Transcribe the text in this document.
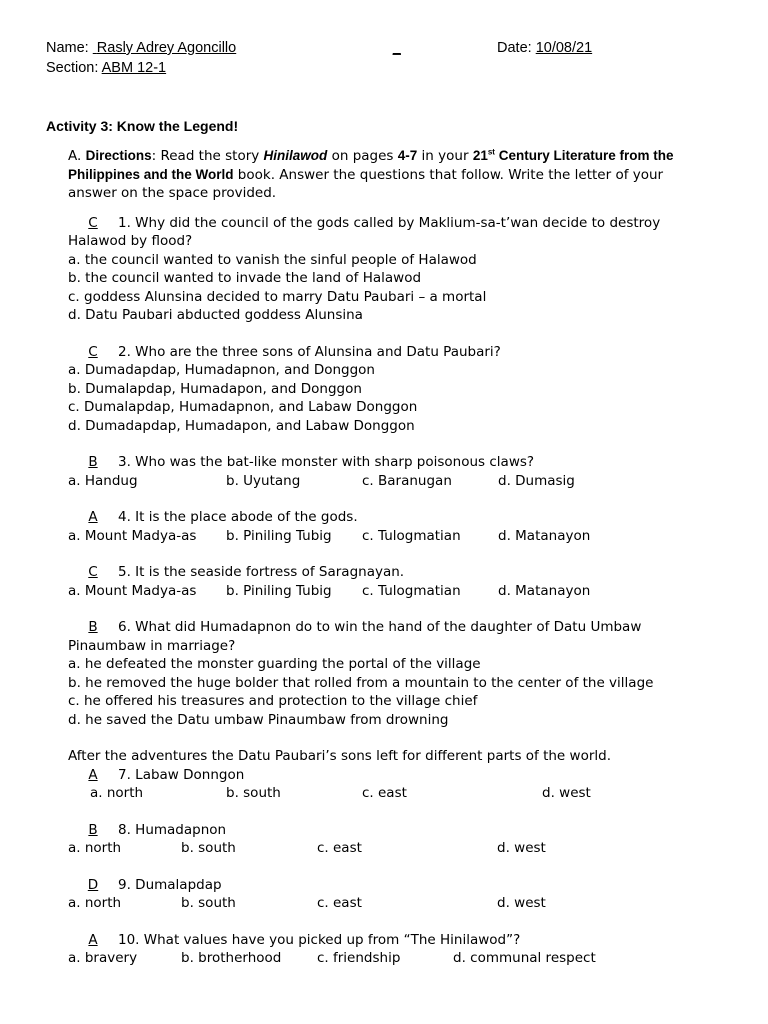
Name: Rasly Adrey Agoncillo	_
Section: ABM 12-1
Date: 10/08/21
Activity 3: Know the Legend!
A. Directions: Read the story Hinilawod on pages 4-7 in your 21st Century Literature from the Philippines and the World book. Answer the questions that follow. Write the letter of your answer on the space provided.
C 1. Why did the council of the gods called by Maklium-sa-t’wan decide to destroy Halawod by flood?
a. the council wanted to vanish the sinful people of Halawod
b. the council wanted to invade the land of Halawod
c. goddess Alunsina decided to marry Datu Paubari – a mortal
d. Datu Paubari abducted goddess Alunsina
C 2. Who are the three sons of Alunsina and Datu Paubari?
a. Dumadapdap, Humadapnon, and Donggon
b. Dumalapdap, Humadapon, and Donggon
c. Dumalapdap, Humadapnon, and Labaw Donggon
d. Dumadapdap, Humadapon, and Labaw Donggon
B 3. Who was the bat-like monster with sharp poisonous claws?
a. Handug	b. Uyutang	c. Baranugan	d. Dumasig
A 4. It is the place abode of the gods.
a. Mount Madya-as	b. Piniling Tubig	c. Tulogmatian	d. Matanayon
C 5. It is the seaside fortress of Saragnayan.
a. Mount Madya-as	b. Piniling Tubig	c. Tulogmatian	d. Matanayon
B 6. What did Humadapnon do to win the hand of the daughter of Datu Umbaw Pinaumbaw in marriage?
a. he defeated the monster guarding the portal of the village
b. he removed the huge bolder that rolled from a mountain to the center of the village
c. he offered his treasures and protection to the village chief
d. he saved the Datu umbaw Pinaumbaw from drowning
After the adventures the Datu Paubari’s sons left for different parts of the world.
A 7. Labaw Donngon
a. north	b. south	c. east	d. west
B 8. Humadapnon
a. north	b. south	c. east	d. west
D 9. Dumalapdap
a. north	b. south	c. east	d. west
A 10. What values have you picked up from “The Hinilawod”?
a. bravery	b. brotherhood	c. friendship	d. communal respect
